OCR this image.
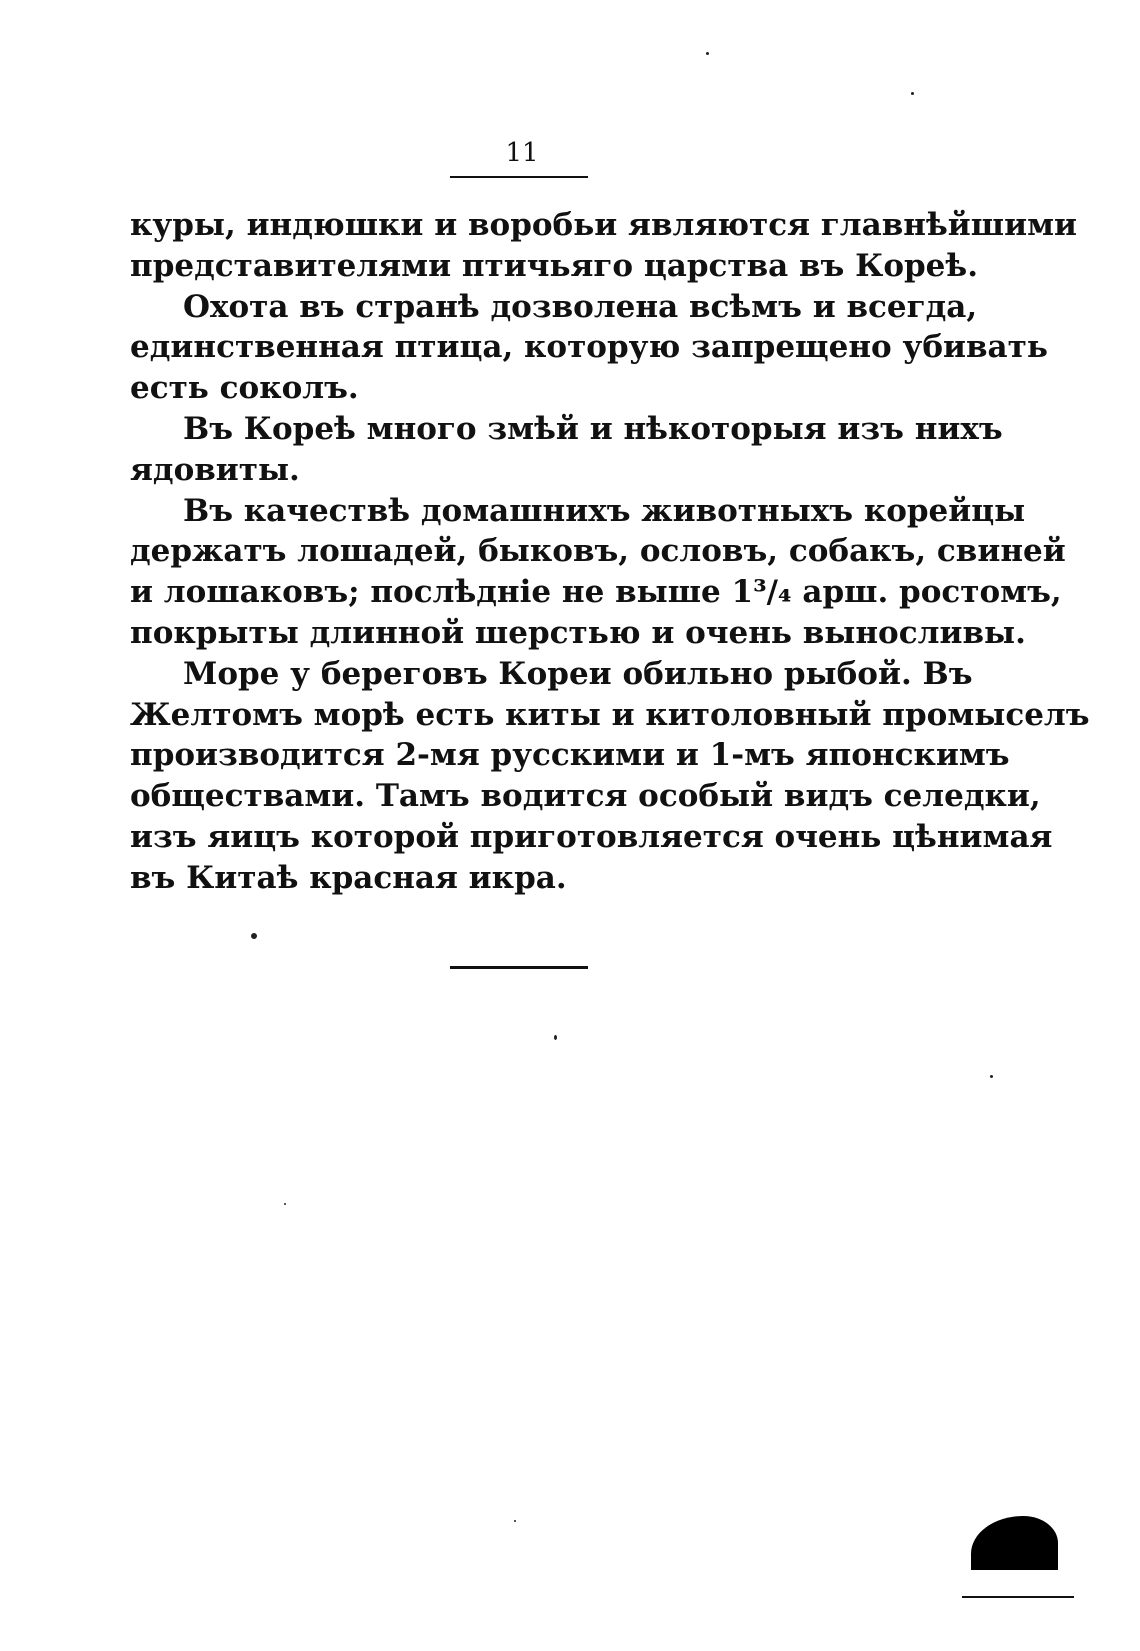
11

куры, индюшки и воробьи являются главнѣйшими
представителями птичьяго царства въ Кореѣ.

Охота въ странѣ дозволена всѣмъ и всегда,
единственная птица, которую запрещено убивать
есть соколъ.

Въ Кореѣ много змѣй и нѣкоторыя изъ нихъ
ядовиты.

Въ качествѣ домашнихъ животныхъ корейцы
держатъ лошадей, быковъ, ословъ, собакъ, свиней
и лошаковъ; послѣдніе не выше 1³/₄ арш. ростомъ,
покрыты длинной шерстью и очень выносливы.

Море у береговъ Кореи обильно рыбой. Въ
Желтомъ морѣ есть киты и китоловный промыселъ
производится 2-мя русскими и 1-мъ японскимъ
обществами. Тамъ водится особый видъ селедки,
изъ яицъ которой приготовляется очень цѣнимая
въ Китаѣ красная икра.
